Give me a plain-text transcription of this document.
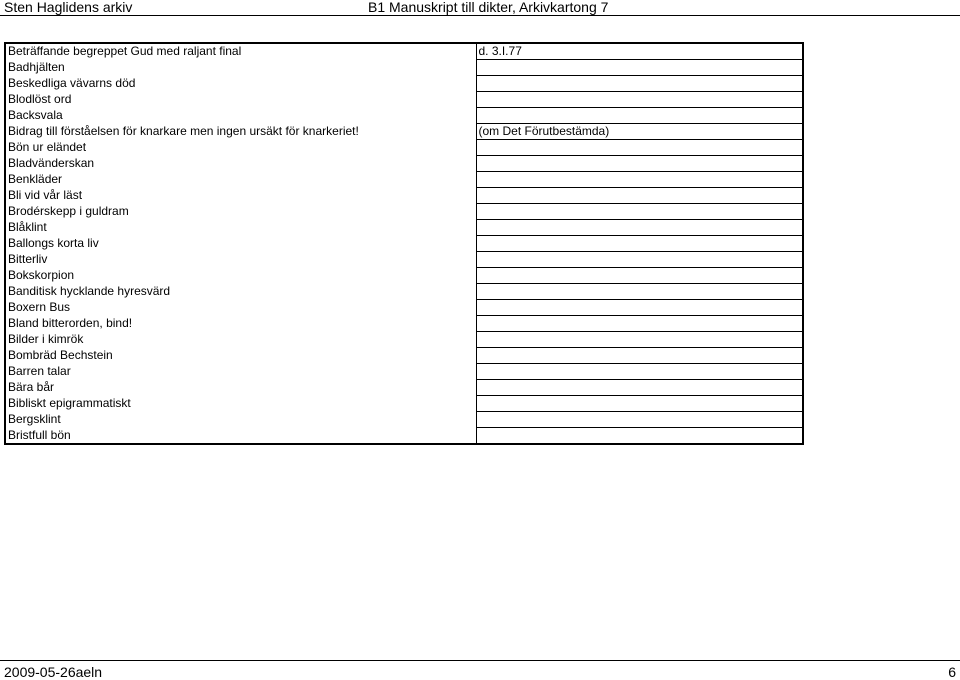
Sten Haglidens arkiv	B1 Manuskript till dikter, Arkivkartong 7
Beträffande begreppet Gud med raljant final	d. 3.I.77
Badhjälten	
Beskedliga vävarns död	
Blodlöst ord	
Backsvala	
Bidrag till förståelsen för knarkare men ingen ursäkt för knarkeriet!	(om Det Förutbestämda)
Bön ur eländet	
Bladvänderskan	
Benkläder	
Bli vid vår läst	
Brodérskepp i guldram	
Blåklint	
Ballongs korta liv	
Bitterliv	
Bokskorpion	
Banditisk hycklande hyresvärd	
Boxern Bus	
Bland bitterorden, bind!	
Bilder i kimrök	
Bombräd Bechstein	
Barren talar	
Bära bår	
Bibliskt epigrammatiskt	
Bergsklint	
Bristfull bön	
2009-05-26aeln	6
